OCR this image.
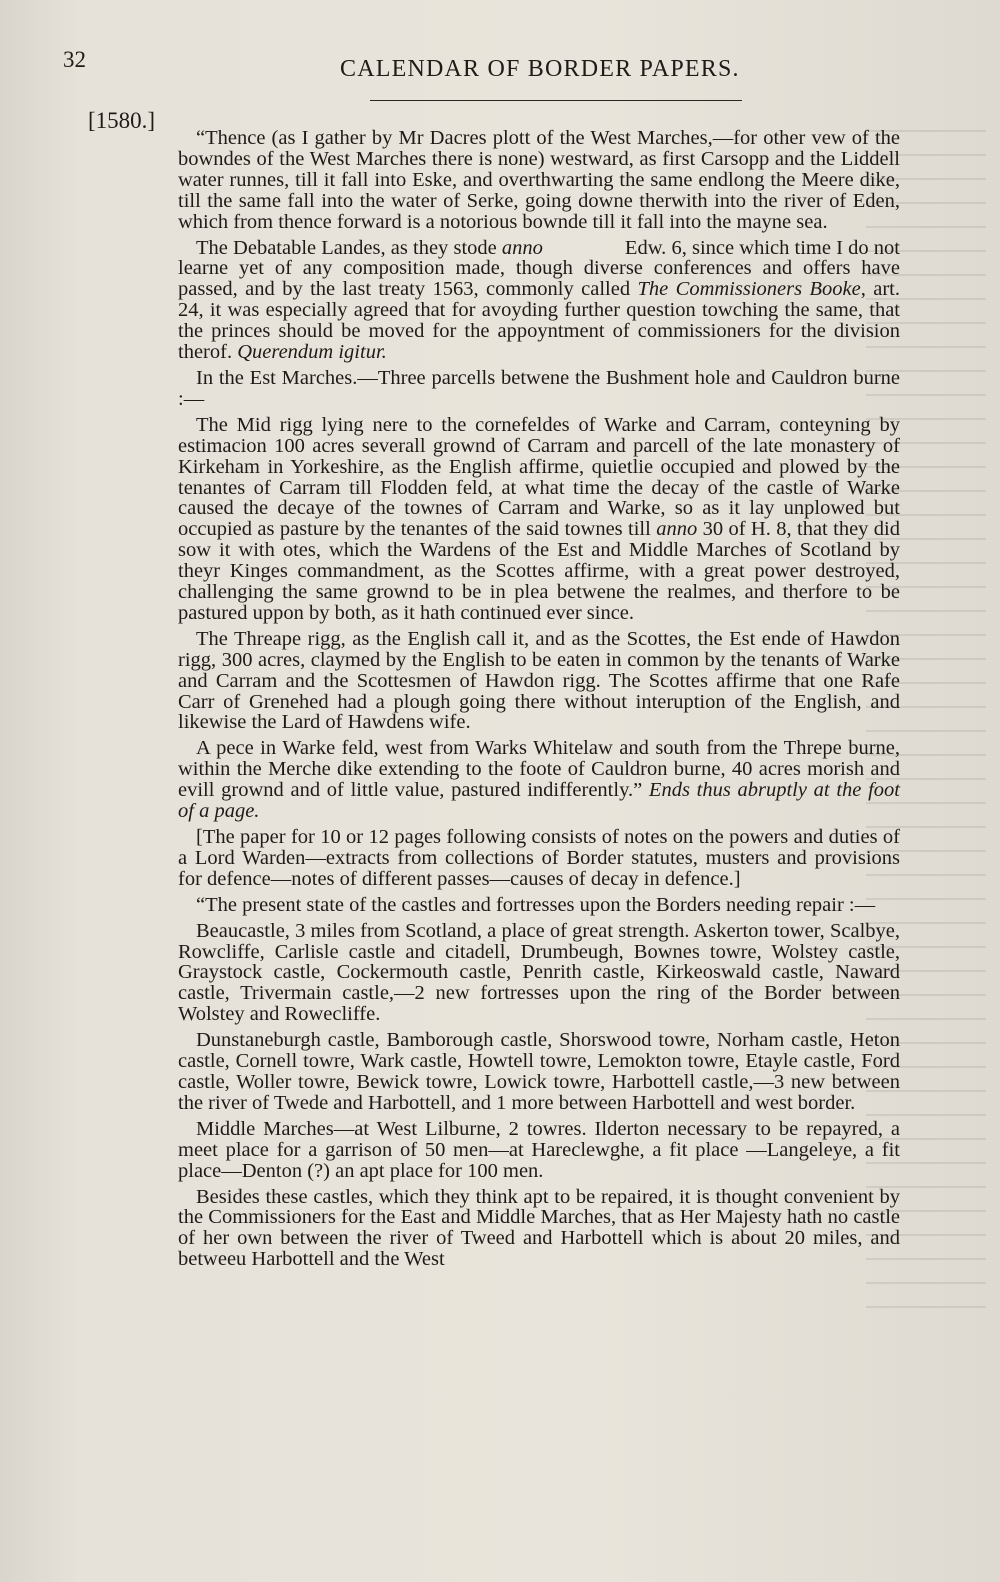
32	CALENDAR OF BORDER PAPERS.
[1580.]

“Thence (as I gather by Mr Dacres plott of the West Marches,—for other vew of the bowndes of the West Marches there is none) westward, as first Carsopp and the Liddell water runnes, till it fall into Eske, and overthwarting the same endlong the Meere dike, till the same fall into the water of Serke, going downe therwith into the river of Eden, which from thence forward is a notorious bownde till it fall into the mayne sea.

The Debatable Landes, as they stode anno    Edw. 6, since which time I do not learne yet of any composition made, though diverse conferences and offers have passed, and by the last treaty 1563, commonly called The Commissioners Booke, art. 24, it was especially agreed that for avoyding further question towching the same, that the princes should be moved for the appoyntment of commissioners for the division therof. Querendum igitur.

In the Est Marches.—Three parcells betwene the Bushment hole and Cauldron burne :—

The Mid rigg lying nere to the cornefeldes of Warke and Carram, conteyning by estimacion 100 acres severall grownd of Carram and parcell of the late monastery of Kirkeham in Yorkeshire, as the English affirme, quietlie occupied and plowed by the tenantes of Carram till Flodden feld, at what time the decay of the castle of Warke caused the decaye of the townes of Carram and Warke, so as it lay unplowed but occupied as pasture by the tenantes of the said townes till anno 30 of H. 8, that they did sow it with otes, which the Wardens of the Est and Middle Marches of Scotland by theyr Kinges commandment, as the Scottes affirme, with a great power destroyed, challenging the same grownd to be in plea betwene the realmes, and therfore to be pastured uppon by both, as it hath continued ever since.

The Threape rigg, as the English call it, and as the Scottes, the Est ende of Hawdon rigg, 300 acres, claymed by the English to be eaten in common by the tenants of Warke and Carram and the Scottesmen of Hawdon rigg. The Scottes affirme that one Rafe Carr of Grenehed had a plough going there without interuption of the English, and likewise the Lard of Hawdens wife.

A pece in Warke feld, west from Warks Whitelaw and south from the Threpe burne, within the Merche dike extending to the foote of Cauldron burne, 40 acres morish and evill grownd and of little value, pastured indifferently.” Ends thus abruptly at the foot of a page.

[The paper for 10 or 12 pages following consists of notes on the powers and duties of a Lord Warden—extracts from collections of Border statutes, musters and provisions for defence—notes of different passes—causes of decay in defence.]

“The present state of the castles and fortresses upon the Borders needing repair :—

Beaucastle, 3 miles from Scotland, a place of great strength. Askerton tower, Scalbye, Rowcliffe, Carlisle castle and citadell, Drumbeugh, Bownes towre, Wolstey castle, Graystock castle, Cockermouth castle, Penrith castle, Kirkeoswald castle, Naward castle, Trivermain castle,—2 new fortresses upon the ring of the Border between Wolstey and Rowecliffe.

Dunstaneburgh castle, Bamborough castle, Shorswood towre, Norham castle, Heton castle, Cornell towre, Wark castle, Howtell towre, Lemokton towre, Etayle castle, Ford castle, Woller towre, Bewick towre, Lowick towre, Harbottell castle,—3 new between the river of Twede and Harbottell, and 1 more between Harbottell and west border.

Middle Marches—at West Lilburne, 2 towres. Ilderton necessary to be repayred, a meet place for a garrison of 50 men—at Hareclewghe, a fit place —Langeleye, a fit place—Denton (?) an apt place for 100 men.

Besides these castles, which they think apt to be repaired, it is thought convenient by the Commissioners for the East and Middle Marches, that as Her Majesty hath no castle of her own between the river of Tweed and Harbottell which is about 20 miles, and betweeu Harbottell and the West
